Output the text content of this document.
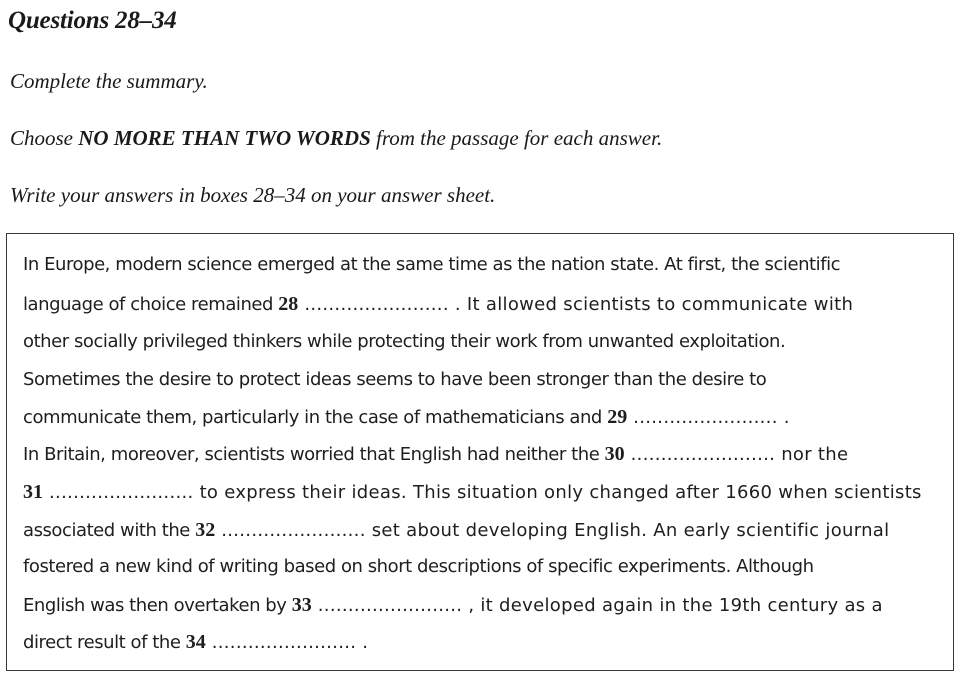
Questions 28–34

Complete the summary.

Choose NO MORE THAN TWO WORDS from the passage for each answer.

Write your answers in boxes 28–34 on your answer sheet.

In Europe, modern science emerged at the same time as the nation state. At first, the scientific

language of choice remained 28 ........................ . It allowed scientists to communicate with

other socially privileged thinkers while protecting their work from unwanted exploitation.

Sometimes the desire to protect ideas seems to have been stronger than the desire to

communicate them, particularly in the case of mathematicians and 29 ........................ .

In Britain, moreover, scientists worried that English had neither the 30 ........................ nor the

31 ........................ to express their ideas. This situation only changed after 1660 when scientists

associated with the 32 ........................ set about developing English. An early scientific journal

fostered a new kind of writing based on short descriptions of specific experiments. Although

English was then overtaken by 33 ........................ , it developed again in the 19th century as a

direct result of the 34 ........................ .
